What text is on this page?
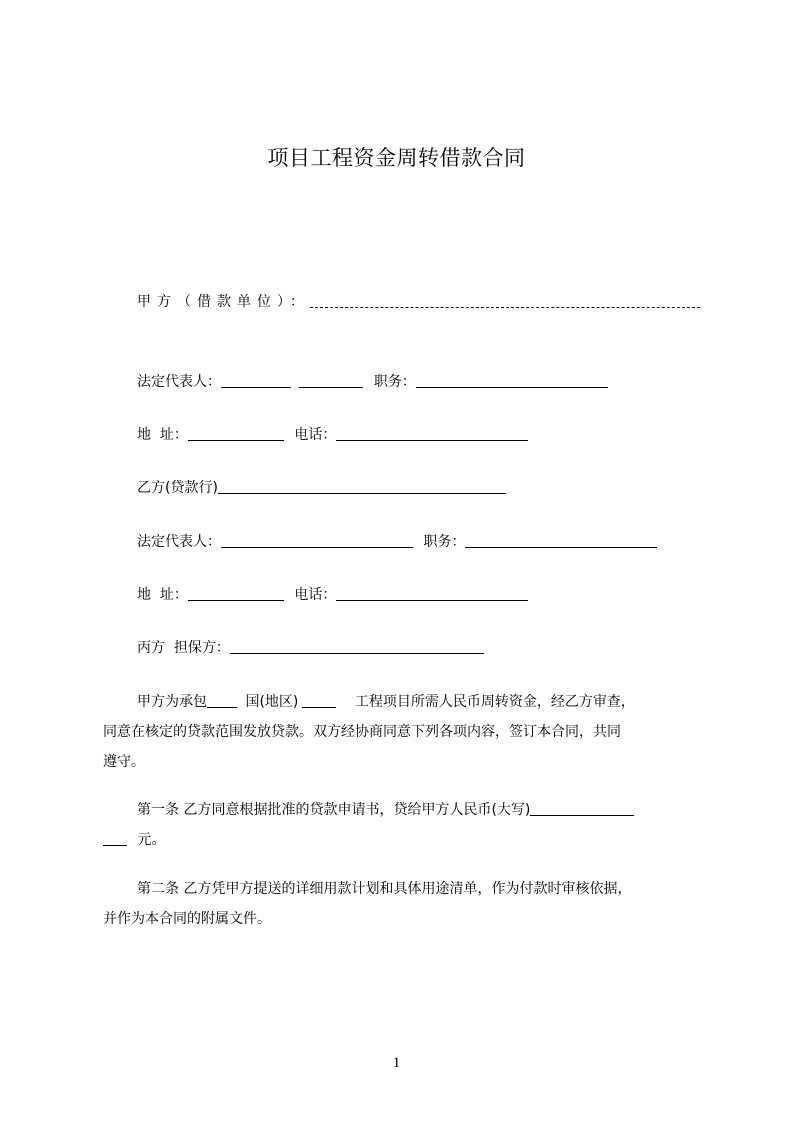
项目工程资金周转借款合同
甲方（借款单位）：
法定代表人：	职务：
地  址：	电话：
乙方(贷款行)
法定代表人：	职务：
地  址：	电话：
丙方  担保方：
甲方为承包	国(地区)	工程项目所需人民币周转资金，经乙方审查，
同意在核定的贷款范围发放贷款。双方经协商同意下列各项内容，签订本合同，共同
遵守。
第一条 乙方同意根据批准的贷款申请书，贷给甲方人民币(大写)
元。
第二条 乙方凭甲方提送的详细用款计划和具体用途清单，作为付款时审核依据，
并作为本合同的附属文件。
1
